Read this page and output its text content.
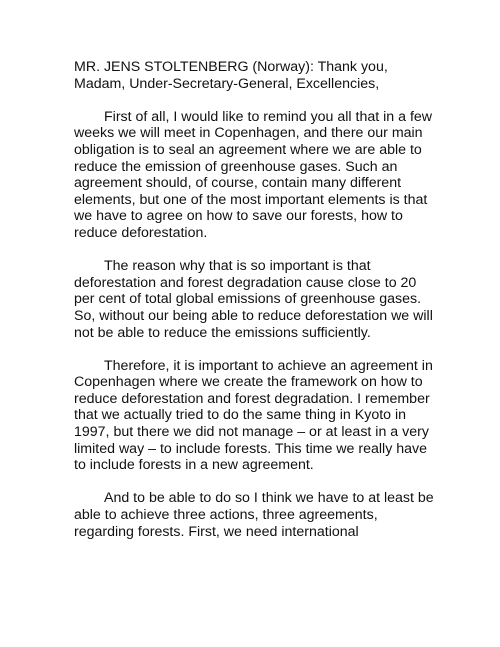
MR. JENS STOLTENBERG (Norway): Thank you, Madam, Under-Secretary-General, Excellencies,

First of all, I would like to remind you all that in a few weeks we will meet in Copenhagen, and there our main obligation is to seal an agreement where we are able to reduce the emission of greenhouse gases. Such an agreement should, of course, contain many different elements, but one of the most important elements is that we have to agree on how to save our forests, how to reduce deforestation.

The reason why that is so important is that deforestation and forest degradation cause close to 20 per cent of total global emissions of greenhouse gases. So, without our being able to reduce deforestation we will not be able to reduce the emissions sufficiently.

Therefore, it is important to achieve an agreement in Copenhagen where we create the framework on how to reduce deforestation and forest degradation. I remember that we actually tried to do the same thing in Kyoto in 1997, but there we did not manage – or at least in a very limited way – to include forests. This time we really have to include forests in a new agreement.

And to be able to do so I think we have to at least be able to achieve three actions, three agreements, regarding forests. First, we need international
